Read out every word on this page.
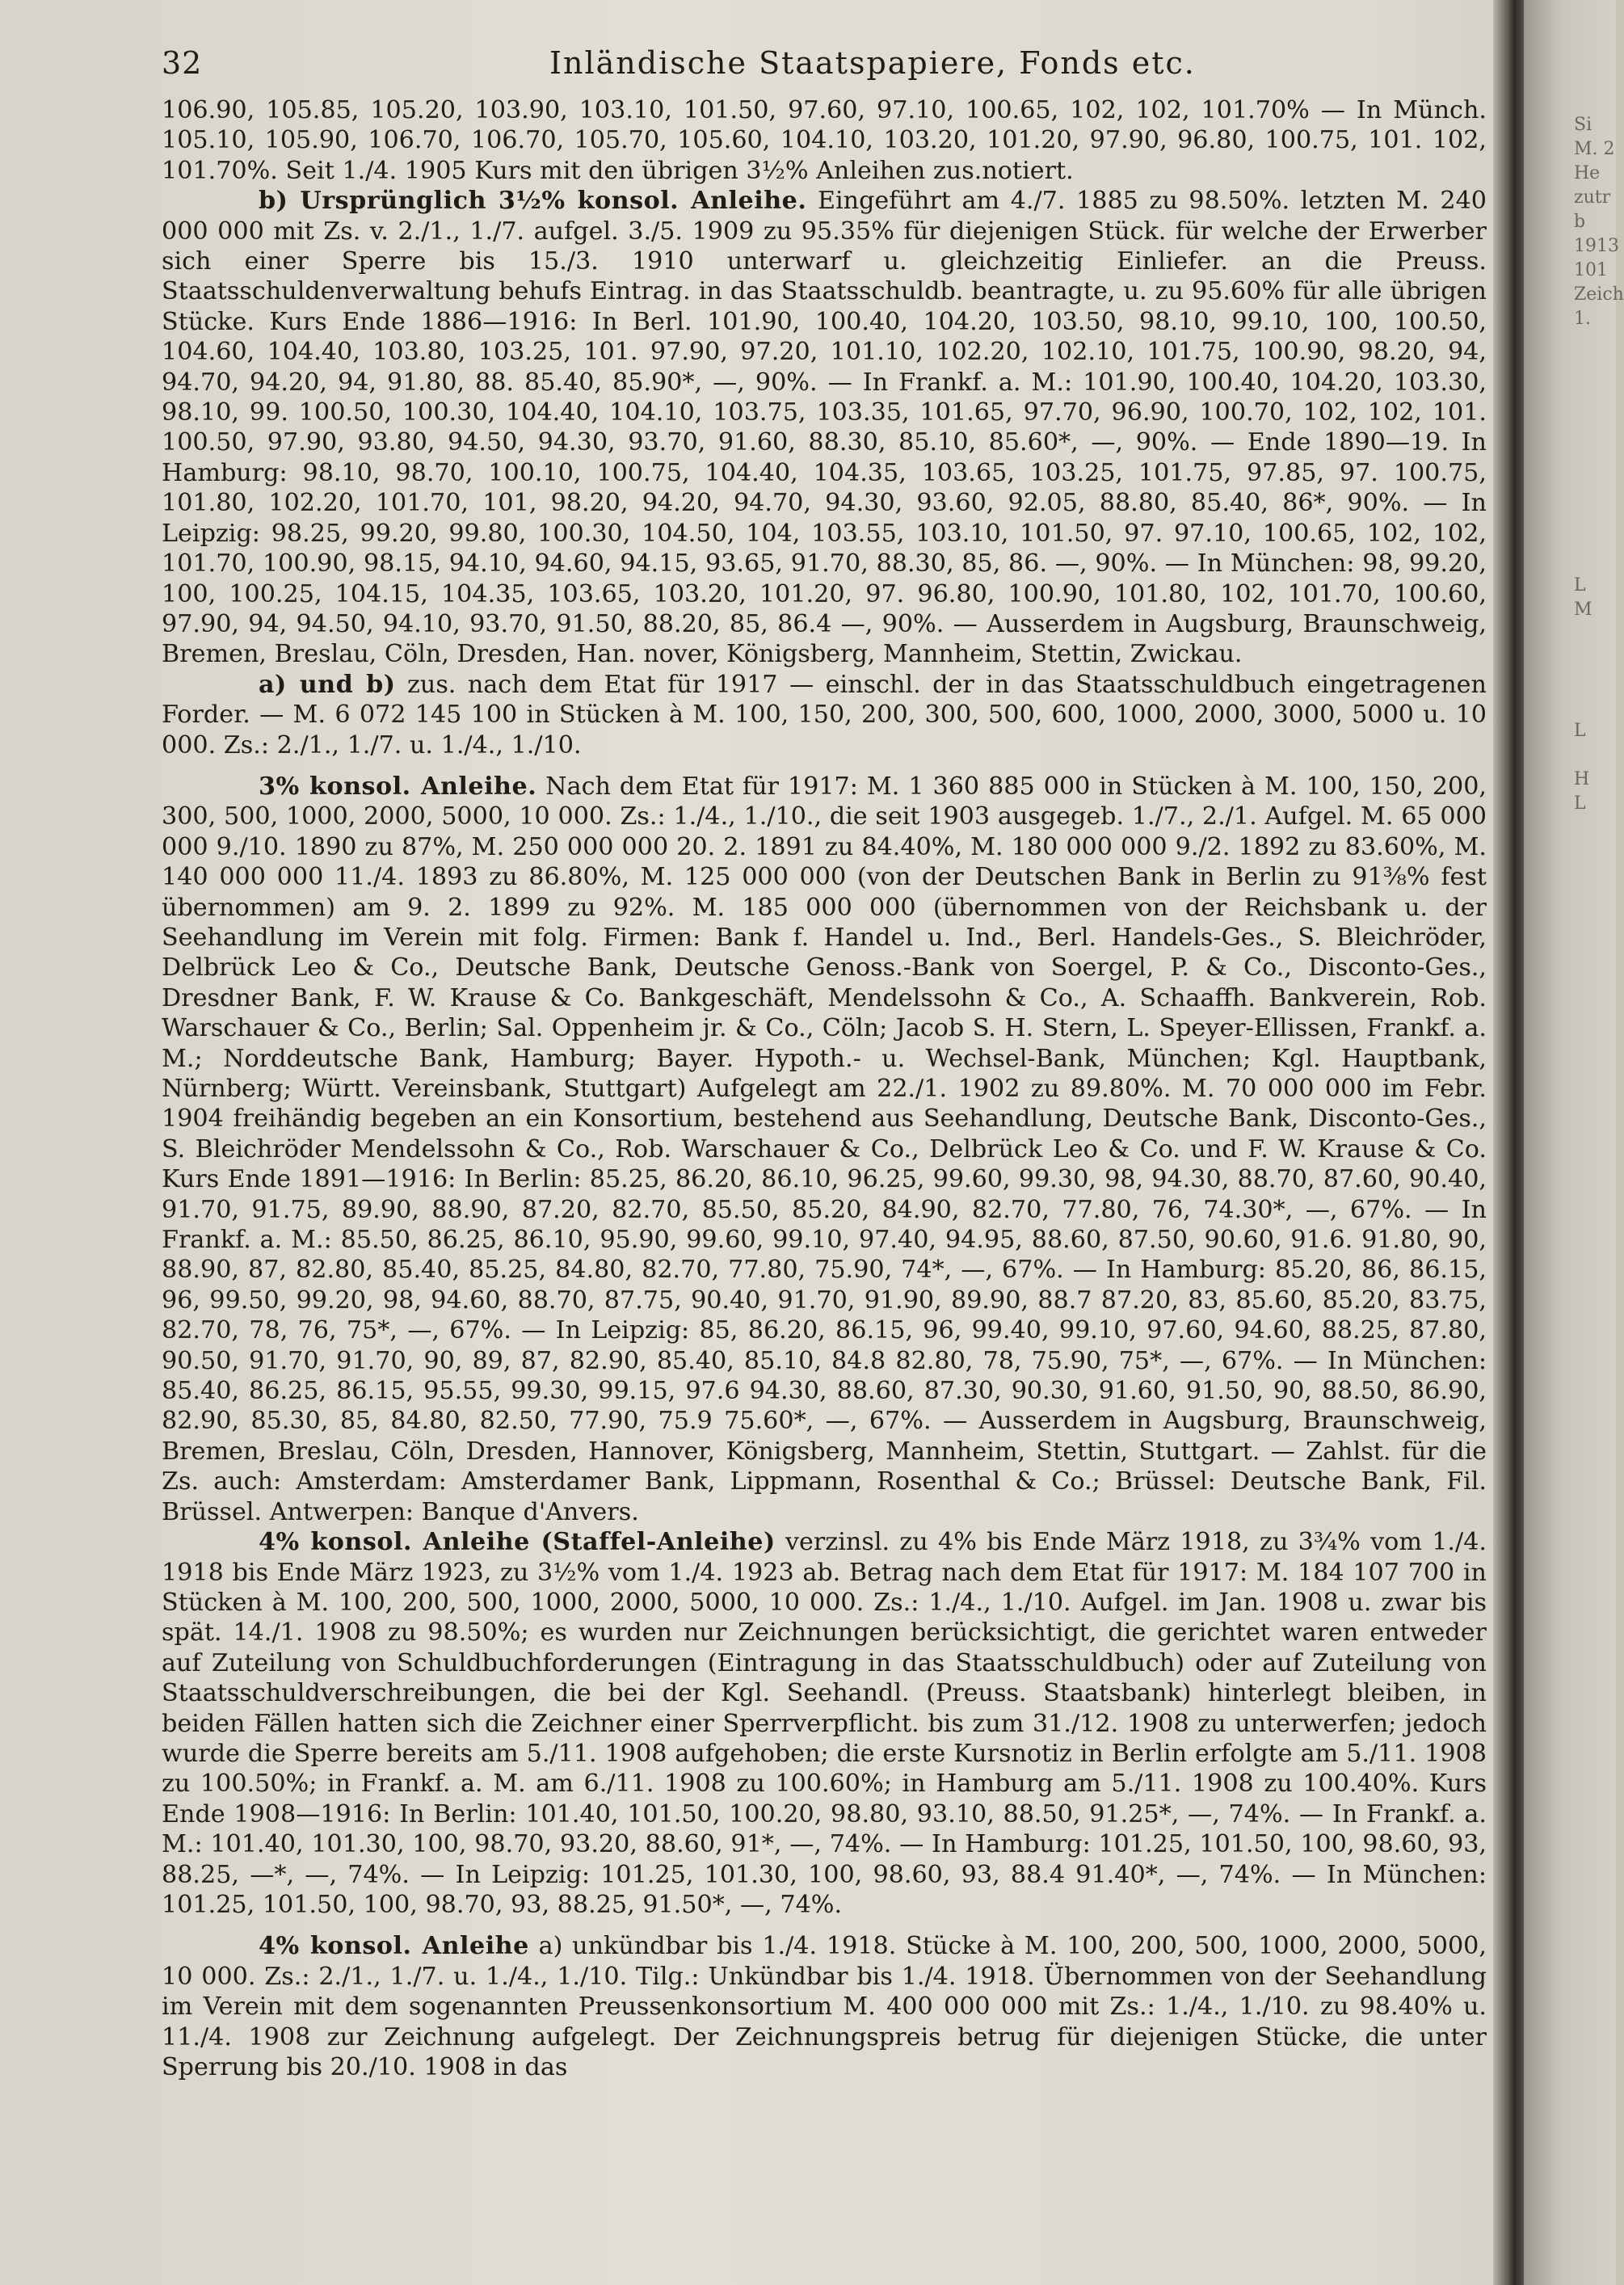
32	Inländische Staatspapiere, Fonds etc.

106.90, 105.85, 105.20, 103.90, 103.10, 101.50, 97.60, 97.10, 100.65, 102, 102, 101.70% — In Münch. 105.10, 105.90, 106.70, 106.70, 105.70, 105.60, 104.10, 103.20, 101.20, 97.90, 96.80, 100.75, 101. 102, 101.70%. Seit 1./4. 1905 Kurs mit den übrigen 3½% Anleihen zus.notiert.

b) Ursprünglich 3½% konsol. Anleihe. Eingeführt am 4./7. 1885 zu 98.50%. letzten M. 240 000 000 mit Zs. v. 2./1., 1./7. aufgel. 3./5. 1909 zu 95.35% für diejenigen Stück. für welche der Erwerber sich einer Sperre bis 15./3. 1910 unterwarf u. gleichzeitig Einliefer. an die Preuss. Staatsschuldenverwaltung behufs Eintrag. in das Staatsschuldb. beantragte, u. zu 95.60% für alle übrigen Stücke. Kurs Ende 1886—1916: In Berl. 101.90, 100.40, 104.20, 103.50, 98.10, 99.10, 100, 100.50, 104.60, 104.40, 103.80, 103.25, 101. 97.90, 97.20, 101.10, 102.20, 102.10, 101.75, 100.90, 98.20, 94, 94.70, 94.20, 94, 91.80, 88. 85.40, 85.90*, —, 90%. — In Frankf. a. M.: 101.90, 100.40, 104.20, 103.30, 98.10, 99. 100.50, 100.30, 104.40, 104.10, 103.75, 103.35, 101.65, 97.70, 96.90, 100.70, 102, 102, 101. 100.50, 97.90, 93.80, 94.50, 94.30, 93.70, 91.60, 88.30, 85.10, 85.60*, —, 90%. — Ende 1890—19. In Hamburg: 98.10, 98.70, 100.10, 100.75, 104.40, 104.35, 103.65, 103.25, 101.75, 97.85, 97. 100.75, 101.80, 102.20, 101.70, 101, 98.20, 94.20, 94.70, 94.30, 93.60, 92.05, 88.80, 85.40, 86*, 90%. — In Leipzig: 98.25, 99.20, 99.80, 100.30, 104.50, 104, 103.55, 103.10, 101.50, 97. 97.10, 100.65, 102, 102, 101.70, 100.90, 98.15, 94.10, 94.60, 94.15, 93.65, 91.70, 88.30, 85, 86. —, 90%. — In München: 98, 99.20, 100, 100.25, 104.15, 104.35, 103.65, 103.20, 101.20, 97. 96.80, 100.90, 101.80, 102, 101.70, 100.60, 97.90, 94, 94.50, 94.10, 93.70, 91.50, 88.20, 85, 86.4 —, 90%. — Ausserdem in Augsburg, Braunschweig, Bremen, Breslau, Cöln, Dresden, Han. nover, Königsberg, Mannheim, Stettin, Zwickau.

a) und b) zus. nach dem Etat für 1917 — einschl. der in das Staatsschuldbuch eingetragenen Forder. — M. 6 072 145 100 in Stücken à M. 100, 150, 200, 300, 500, 600, 1000, 2000, 3000, 5000 u. 10 000. Zs.: 2./1., 1./7. u. 1./4., 1./10.

3% konsol. Anleihe. Nach dem Etat für 1917: M. 1 360 885 000 in Stücken à M. 100, 150, 200, 300, 500, 1000, 2000, 5000, 10 000. Zs.: 1./4., 1./10., die seit 1903 ausgegeb. 1./7., 2./1. Aufgel. M. 65 000 000 9./10. 1890 zu 87%, M. 250 000 000 20. 2. 1891 zu 84.40%, M. 180 000 000 9./2. 1892 zu 83.60%, M. 140 000 000 11./4. 1893 zu 86.80%, M. 125 000 000 (von der Deutschen Bank in Berlin zu 91⅜% fest übernommen) am 9. 2. 1899 zu 92%. M. 185 000 000 (übernommen von der Reichsbank u. der Seehandlung im Verein mit folg. Firmen: Bank f. Handel u. Ind., Berl. Handels-Ges., S. Bleichröder, Delbrück Leo & Co., Deutsche Bank, Deutsche Genoss.-Bank von Soergel, P. & Co., Disconto-Ges., Dresdner Bank, F. W. Krause & Co. Bankgeschäft, Mendelssohn & Co., A. Schaaffh. Bankverein, Rob. Warschauer & Co., Berlin; Sal. Oppenheim jr. & Co., Cöln; Jacob S. H. Stern, L. Speyer-Ellissen, Frankf. a. M.; Norddeutsche Bank, Hamburg; Bayer. Hypoth.- u. Wechsel-Bank, München; Kgl. Hauptbank, Nürnberg; Württ. Vereinsbank, Stuttgart) Aufgelegt am 22./1. 1902 zu 89.80%. M. 70 000 000 im Febr. 1904 freihändig begeben an ein Konsortium, bestehend aus Seehandlung, Deutsche Bank, Disconto-Ges., S. Bleichröder Mendelssohn & Co., Rob. Warschauer & Co., Delbrück Leo & Co. und F. W. Krause & Co. Kurs Ende 1891—1916: In Berlin: 85.25, 86.20, 86.10, 96.25, 99.60, 99.30, 98, 94.30, 88.70, 87.60, 90.40, 91.70, 91.75, 89.90, 88.90, 87.20, 82.70, 85.50, 85.20, 84.90, 82.70, 77.80, 76, 74.30*, —, 67%. — In Frankf. a. M.: 85.50, 86.25, 86.10, 95.90, 99.60, 99.10, 97.40, 94.95, 88.60, 87.50, 90.60, 91.6. 91.80, 90, 88.90, 87, 82.80, 85.40, 85.25, 84.80, 82.70, 77.80, 75.90, 74*, —, 67%. — In Hamburg: 85.20, 86, 86.15, 96, 99.50, 99.20, 98, 94.60, 88.70, 87.75, 90.40, 91.70, 91.90, 89.90, 88.7 87.20, 83, 85.60, 85.20, 83.75, 82.70, 78, 76, 75*, —, 67%. — In Leipzig: 85, 86.20, 86.15, 96, 99.40, 99.10, 97.60, 94.60, 88.25, 87.80, 90.50, 91.70, 91.70, 90, 89, 87, 82.90, 85.40, 85.10, 84.8 82.80, 78, 75.90, 75*, —, 67%. — In München: 85.40, 86.25, 86.15, 95.55, 99.30, 99.15, 97.6 94.30, 88.60, 87.30, 90.30, 91.60, 91.50, 90, 88.50, 86.90, 82.90, 85.30, 85, 84.80, 82.50, 77.90, 75.9 75.60*, —, 67%. — Ausserdem in Augsburg, Braunschweig, Bremen, Breslau, Cöln, Dresden, Hannover, Königsberg, Mannheim, Stettin, Stuttgart. — Zahlst. für die Zs. auch: Amsterdam: Amsterdamer Bank, Lippmann, Rosenthal & Co.; Brüssel: Deutsche Bank, Fil. Brüssel. Antwerpen: Banque d'Anvers.

4% konsol. Anleihe (Staffel-Anleihe) verzinsl. zu 4% bis Ende März 1918, zu 3¾% vom 1./4. 1918 bis Ende März 1923, zu 3½% vom 1./4. 1923 ab. Betrag nach dem Etat für 1917: M. 184 107 700 in Stücken à M. 100, 200, 500, 1000, 2000, 5000, 10 000. Zs.: 1./4., 1./10. Aufgel. im Jan. 1908 u. zwar bis spät. 14./1. 1908 zu 98.50%; es wurden nur Zeichnungen berücksichtigt, die gerichtet waren entweder auf Zuteilung von Schuldbuchforderungen (Eintragung in das Staatsschuldbuch) oder auf Zuteilung von Staatsschuldverschreibungen, die bei der Kgl. Seehandl. (Preuss. Staatsbank) hinterlegt bleiben, in beiden Fällen hatten sich die Zeichner einer Sperrverpflicht. bis zum 31./12. 1908 zu unterwerfen; jedoch wurde die Sperre bereits am 5./11. 1908 aufgehoben; die erste Kursnotiz in Berlin erfolgte am 5./11. 1908 zu 100.50%; in Frankf. a. M. am 6./11. 1908 zu 100.60%; in Hamburg am 5./11. 1908 zu 100.40%. Kurs Ende 1908—1916: In Berlin: 101.40, 101.50, 100.20, 98.80, 93.10, 88.50, 91.25*, —, 74%. — In Frankf. a. M.: 101.40, 101.30, 100, 98.70, 93.20, 88.60, 91*, —, 74%. — In Hamburg: 101.25, 101.50, 100, 98.60, 93, 88.25, —*, —, 74%. — In Leipzig: 101.25, 101.30, 100, 98.60, 93, 88.4 91.40*, —, 74%. — In München: 101.25, 101.50, 100, 98.70, 93, 88.25, 91.50*, —, 74%.

4% konsol. Anleihe a) unkündbar bis 1./4. 1918. Stücke à M. 100, 200, 500, 1000, 2000, 5000, 10 000. Zs.: 2./1., 1./7. u. 1./4., 1./10. Tilg.: Unkündbar bis 1./4. 1918. Übernommen von der Seehandlung im Verein mit dem sogenannten Preussenkonsortium M. 400 000 000 mit Zs.: 1./4., 1./10. zu 98.40% u. 11./4. 1908 zur Zeichnung aufgelegt. Der Zeichnungspreis betrug für diejenigen Stücke, die unter Sperrung bis 20./10. 1908 in das

Si
M. 2
He
zutr
b
1913
101
Zeich
1.

L
M

L

H
L
